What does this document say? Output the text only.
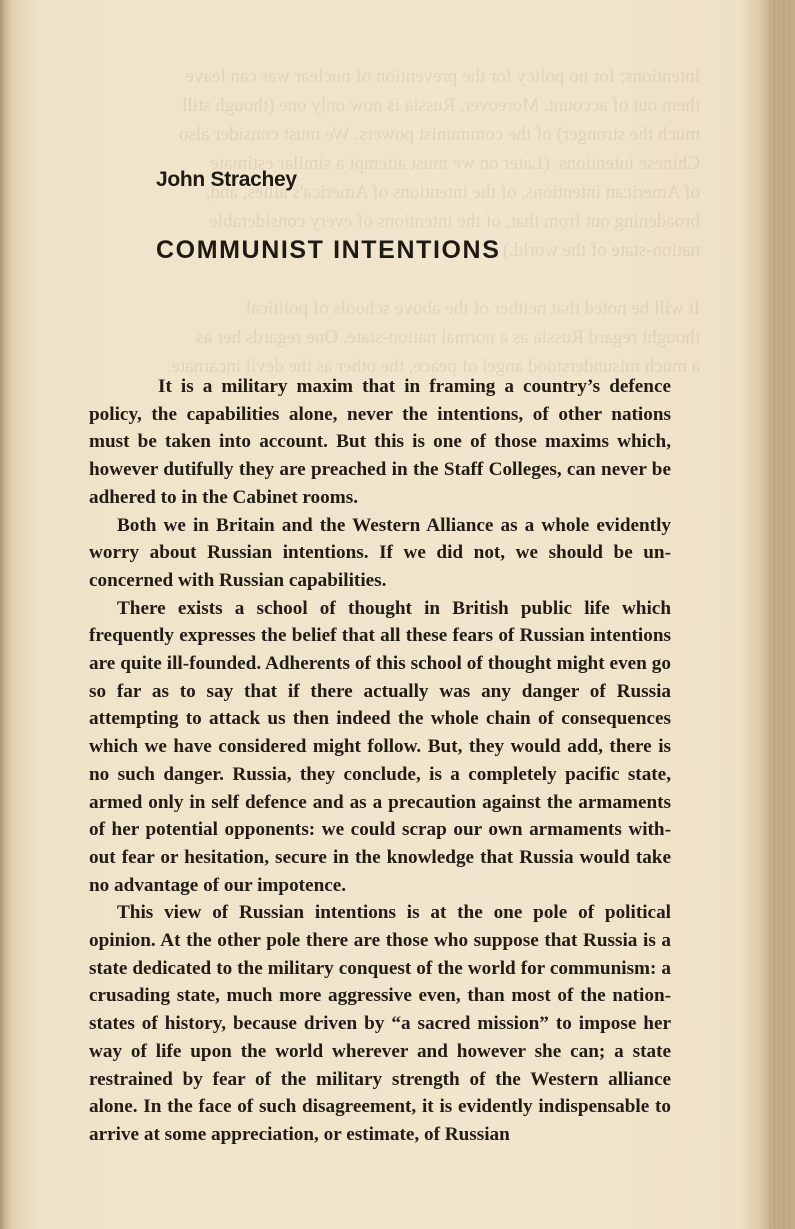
intentions; for no policy for the prevention of nuclear war can leave
them out of account. Moreover, Russia is now only one (though still
much the stronger) of the communist powers. We must consider also
Chinese intentions. (Later on we must attempt a similar estimate
of American intentions, of the intentions of America's allies, and,
broadening out from that, of the intentions of every considerable
nation-state of the world.)

It will be noted that neither of the above schools of political
thought regard Russia as a normal nation-state. One regards her as
a much misunderstood angel of peace, the other as the devil incarnate.
John Strachey
COMMUNIST INTENTIONS

It is a military maxim that in framing a country’s defence policy, the capabilities alone, never the intentions, of other nations must be taken into account. But this is one of those maxims which, however dutifully they are preached in the Staff Colleges, can never be adhered to in the Cabinet rooms.

Both we in Britain and the Western Alliance as a whole evidently worry about Russian intentions. If we did not, we should be unconcerned with Russian capabilities.

There exists a school of thought in British public life which frequently expresses the belief that all these fears of Russian intentions are quite ill-founded. Adherents of this school of thought might even go so far as to say that if there actually was any danger of Russia attempting to attack us then indeed the whole chain of consequences which we have considered might follow. But, they would add, there is no such danger. Russia, they conclude, is a completely pacific state, armed only in self defence and as a precaution against the armaments of her potential opponents: we could scrap our own armaments without fear or hesitation, secure in the knowledge that Russia would take no advantage of our impotence.

This view of Russian intentions is at the one pole of political opinion. At the other pole there are those who suppose that Russia is a state dedicated to the military conquest of the world for communism: a crusading state, much more aggressive even, than most of the nation-states of history, because driven by “a sacred mission” to impose her way of life upon the world wherever and however she can; a state restrained by fear of the military strength of the Western alliance alone. In the face of such disagreement, it is evidently indispensable to arrive at some appreciation, or estimate, of Russian
